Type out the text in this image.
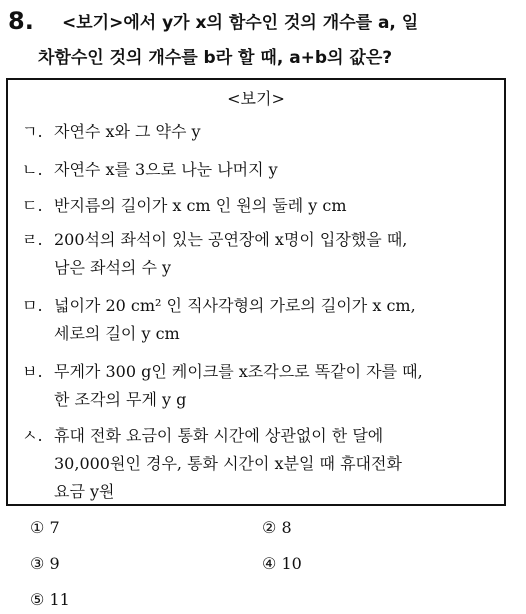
8. <보기>에서 y가 x의 함수인 것의 개수를 a, 일
차함수인 것의 개수를 b라 할 때, a+b의 값은?
<보기>
ㄱ. 자연수 x와 그 약수 y
ㄴ. 자연수 x를 3으로 나눈 나머지 y
ㄷ. 반지름의 길이가 x cm 인 원의 둘레 y cm
ㄹ. 200석의 좌석이 있는 공연장에 x명이 입장했을 때,
남은 좌석의 수 y
ㅁ. 넓이가 20 cm² 인 직사각형의 가로의 길이가 x cm,
세로의 길이 y cm
ㅂ. 무게가 300 g인 케이크를 x조각으로 똑같이 자를 때,
한 조각의 무게 y g
ㅅ. 휴대 전화 요금이 통화 시간에 상관없이 한 달에
30,000원인 경우, 통화 시간이 x분일 때 휴대전화
요금 y원
① 7	② 8
③ 9	④ 10
⑤ 11
